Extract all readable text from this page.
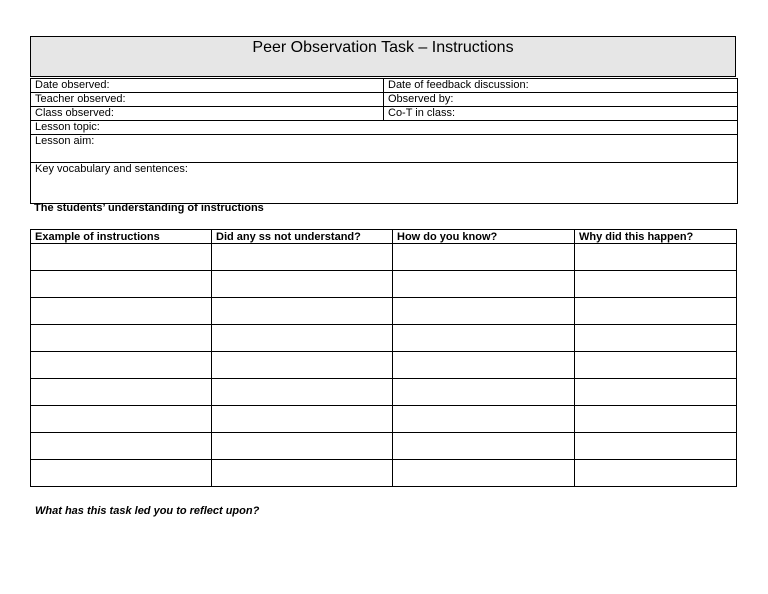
Peer Observation Task – Instructions
Date observed:	Date of feedback discussion:
Teacher observed:	Observed by:
Class observed:	Co-T in class:
Lesson topic:	
Lesson aim:	
Key vocabulary and sentences:	
The students’ understanding of instructions
Example of instructions	Did any ss not understand?	How do you know?	Why did this happen?

What has this task led you to reflect upon?
